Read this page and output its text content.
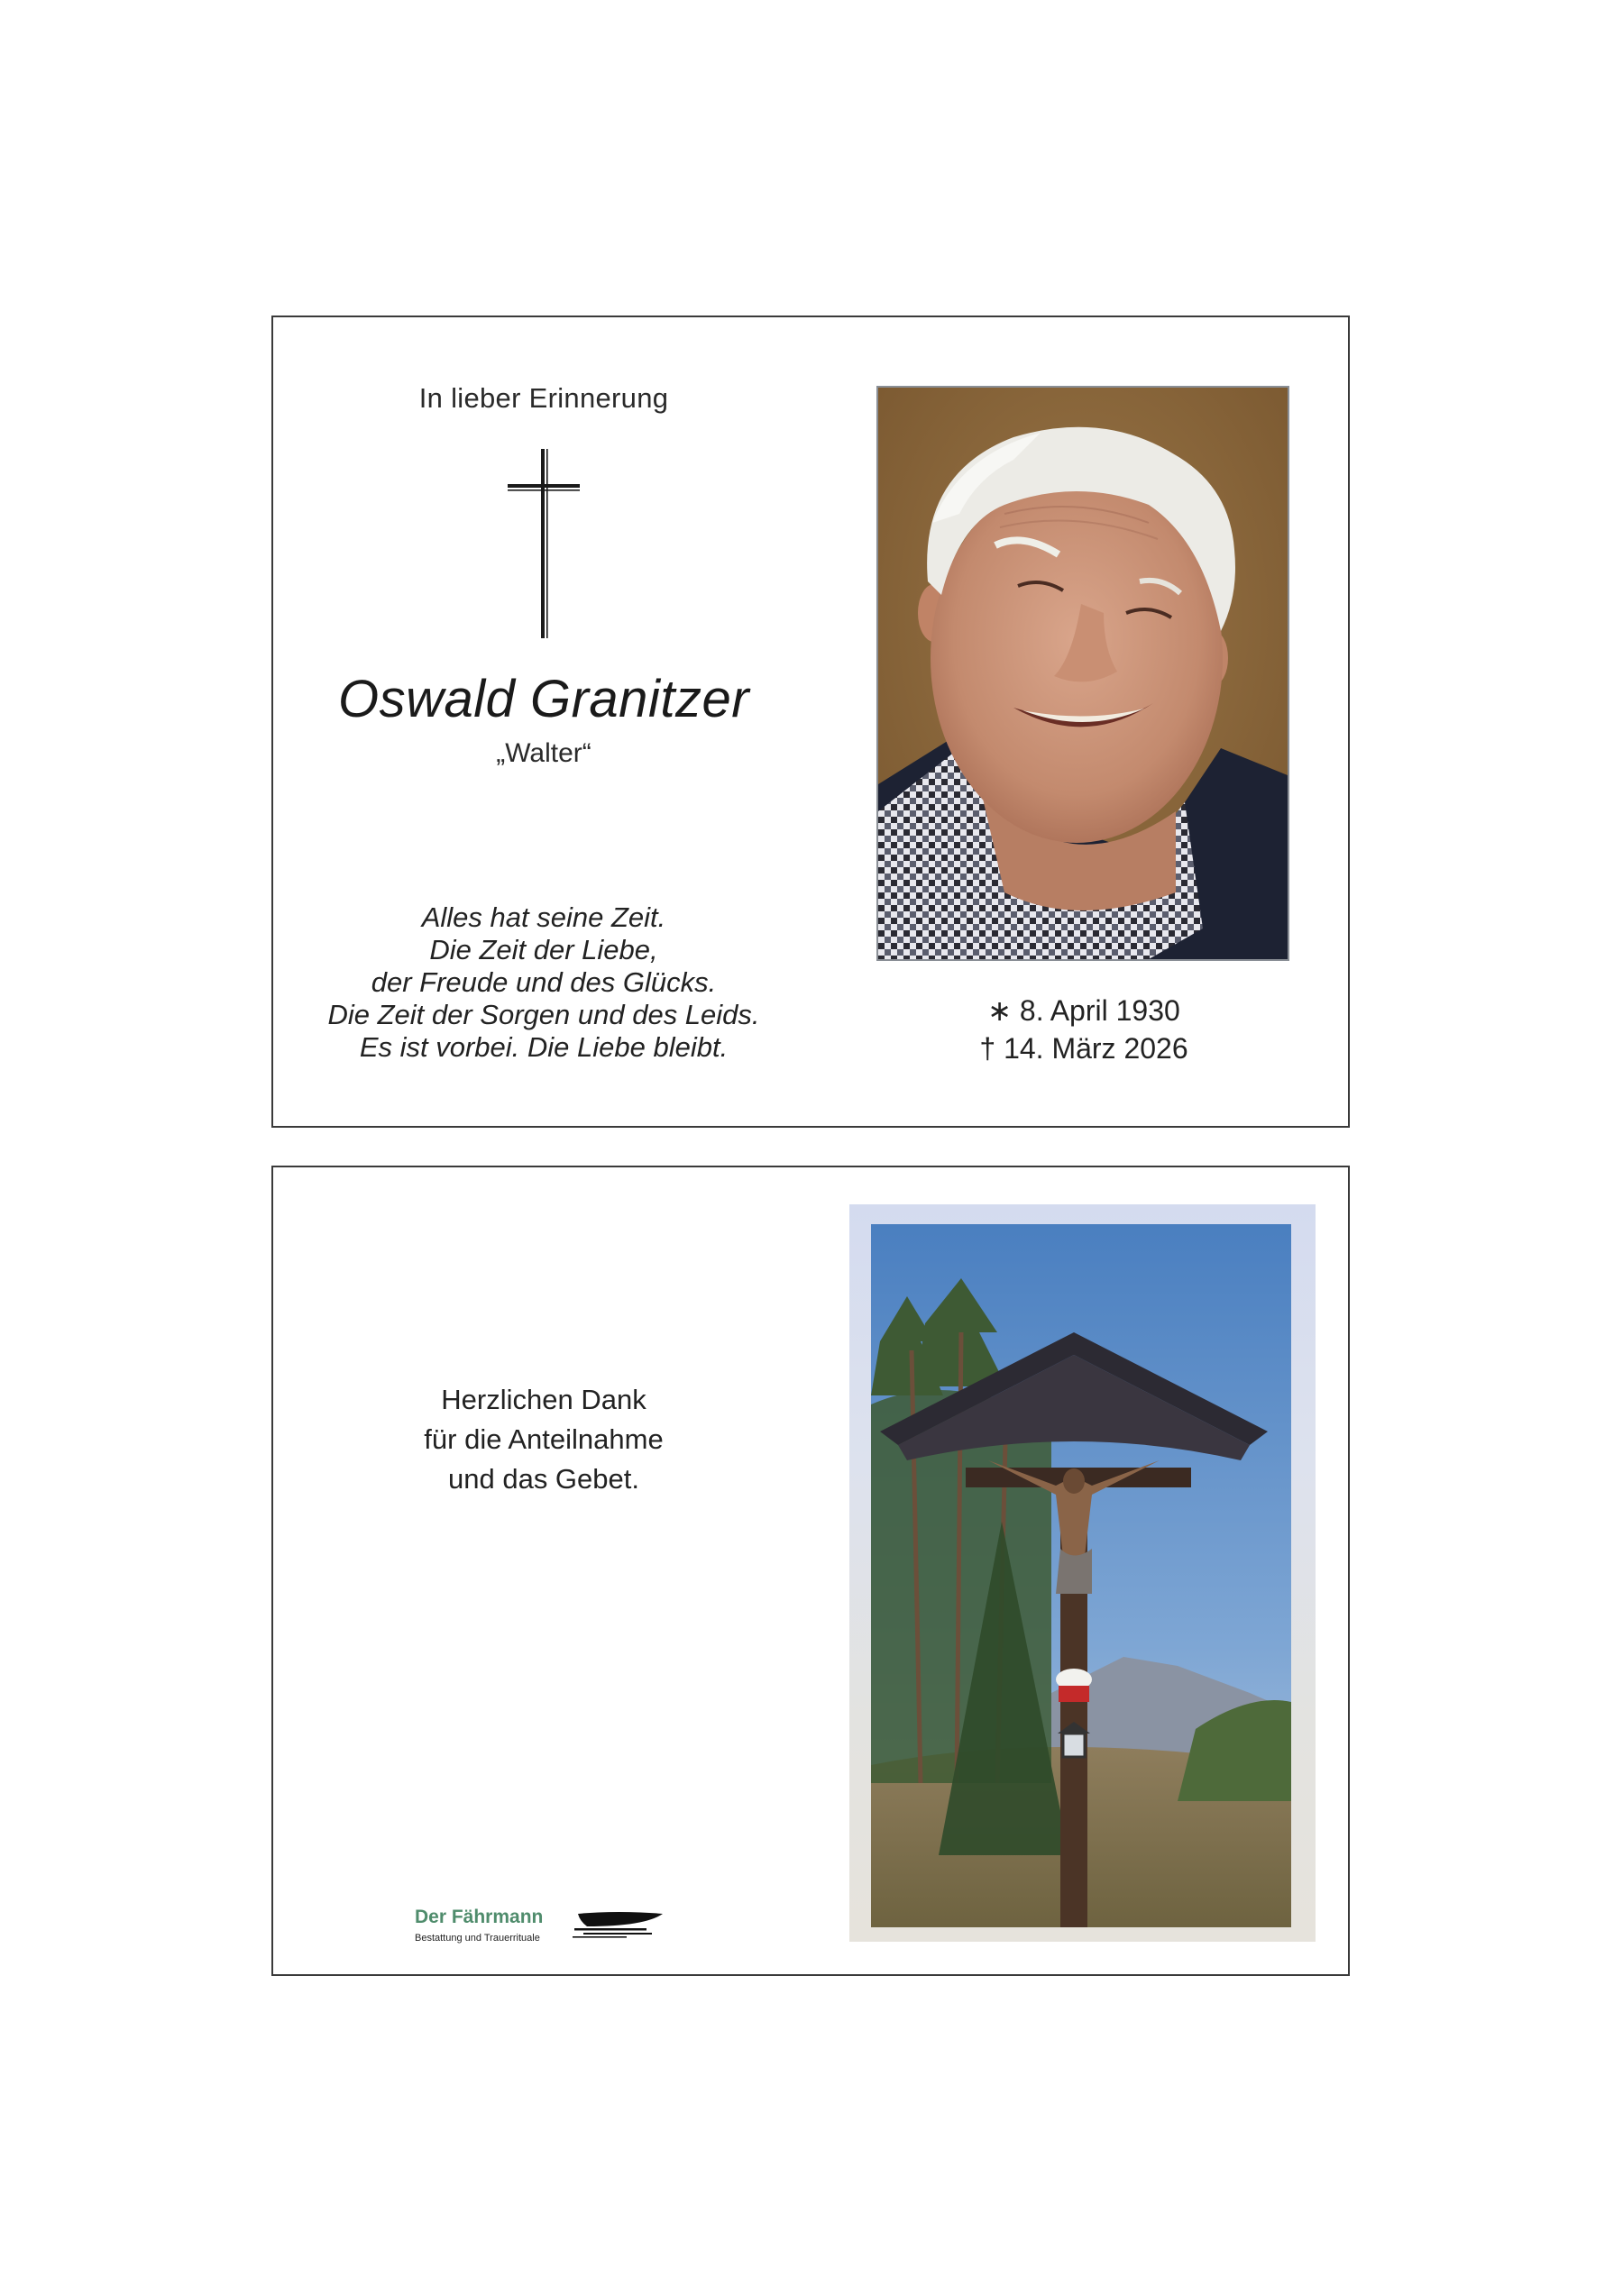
In lieber Erinnerung
Oswald Granitzer
„Walter“
Alles hat seine Zeit.
Die Zeit der Liebe,
der Freude und des Glücks.
Die Zeit der Sorgen und des Leids.
Es ist vorbei. Die Liebe bleibt.
∗ 8. April 1930
† 14. März 2026
Herzlichen Dank
für die Anteilnahme
und das Gebet.
Der Fährmann
Bestattung und Trauerrituale
